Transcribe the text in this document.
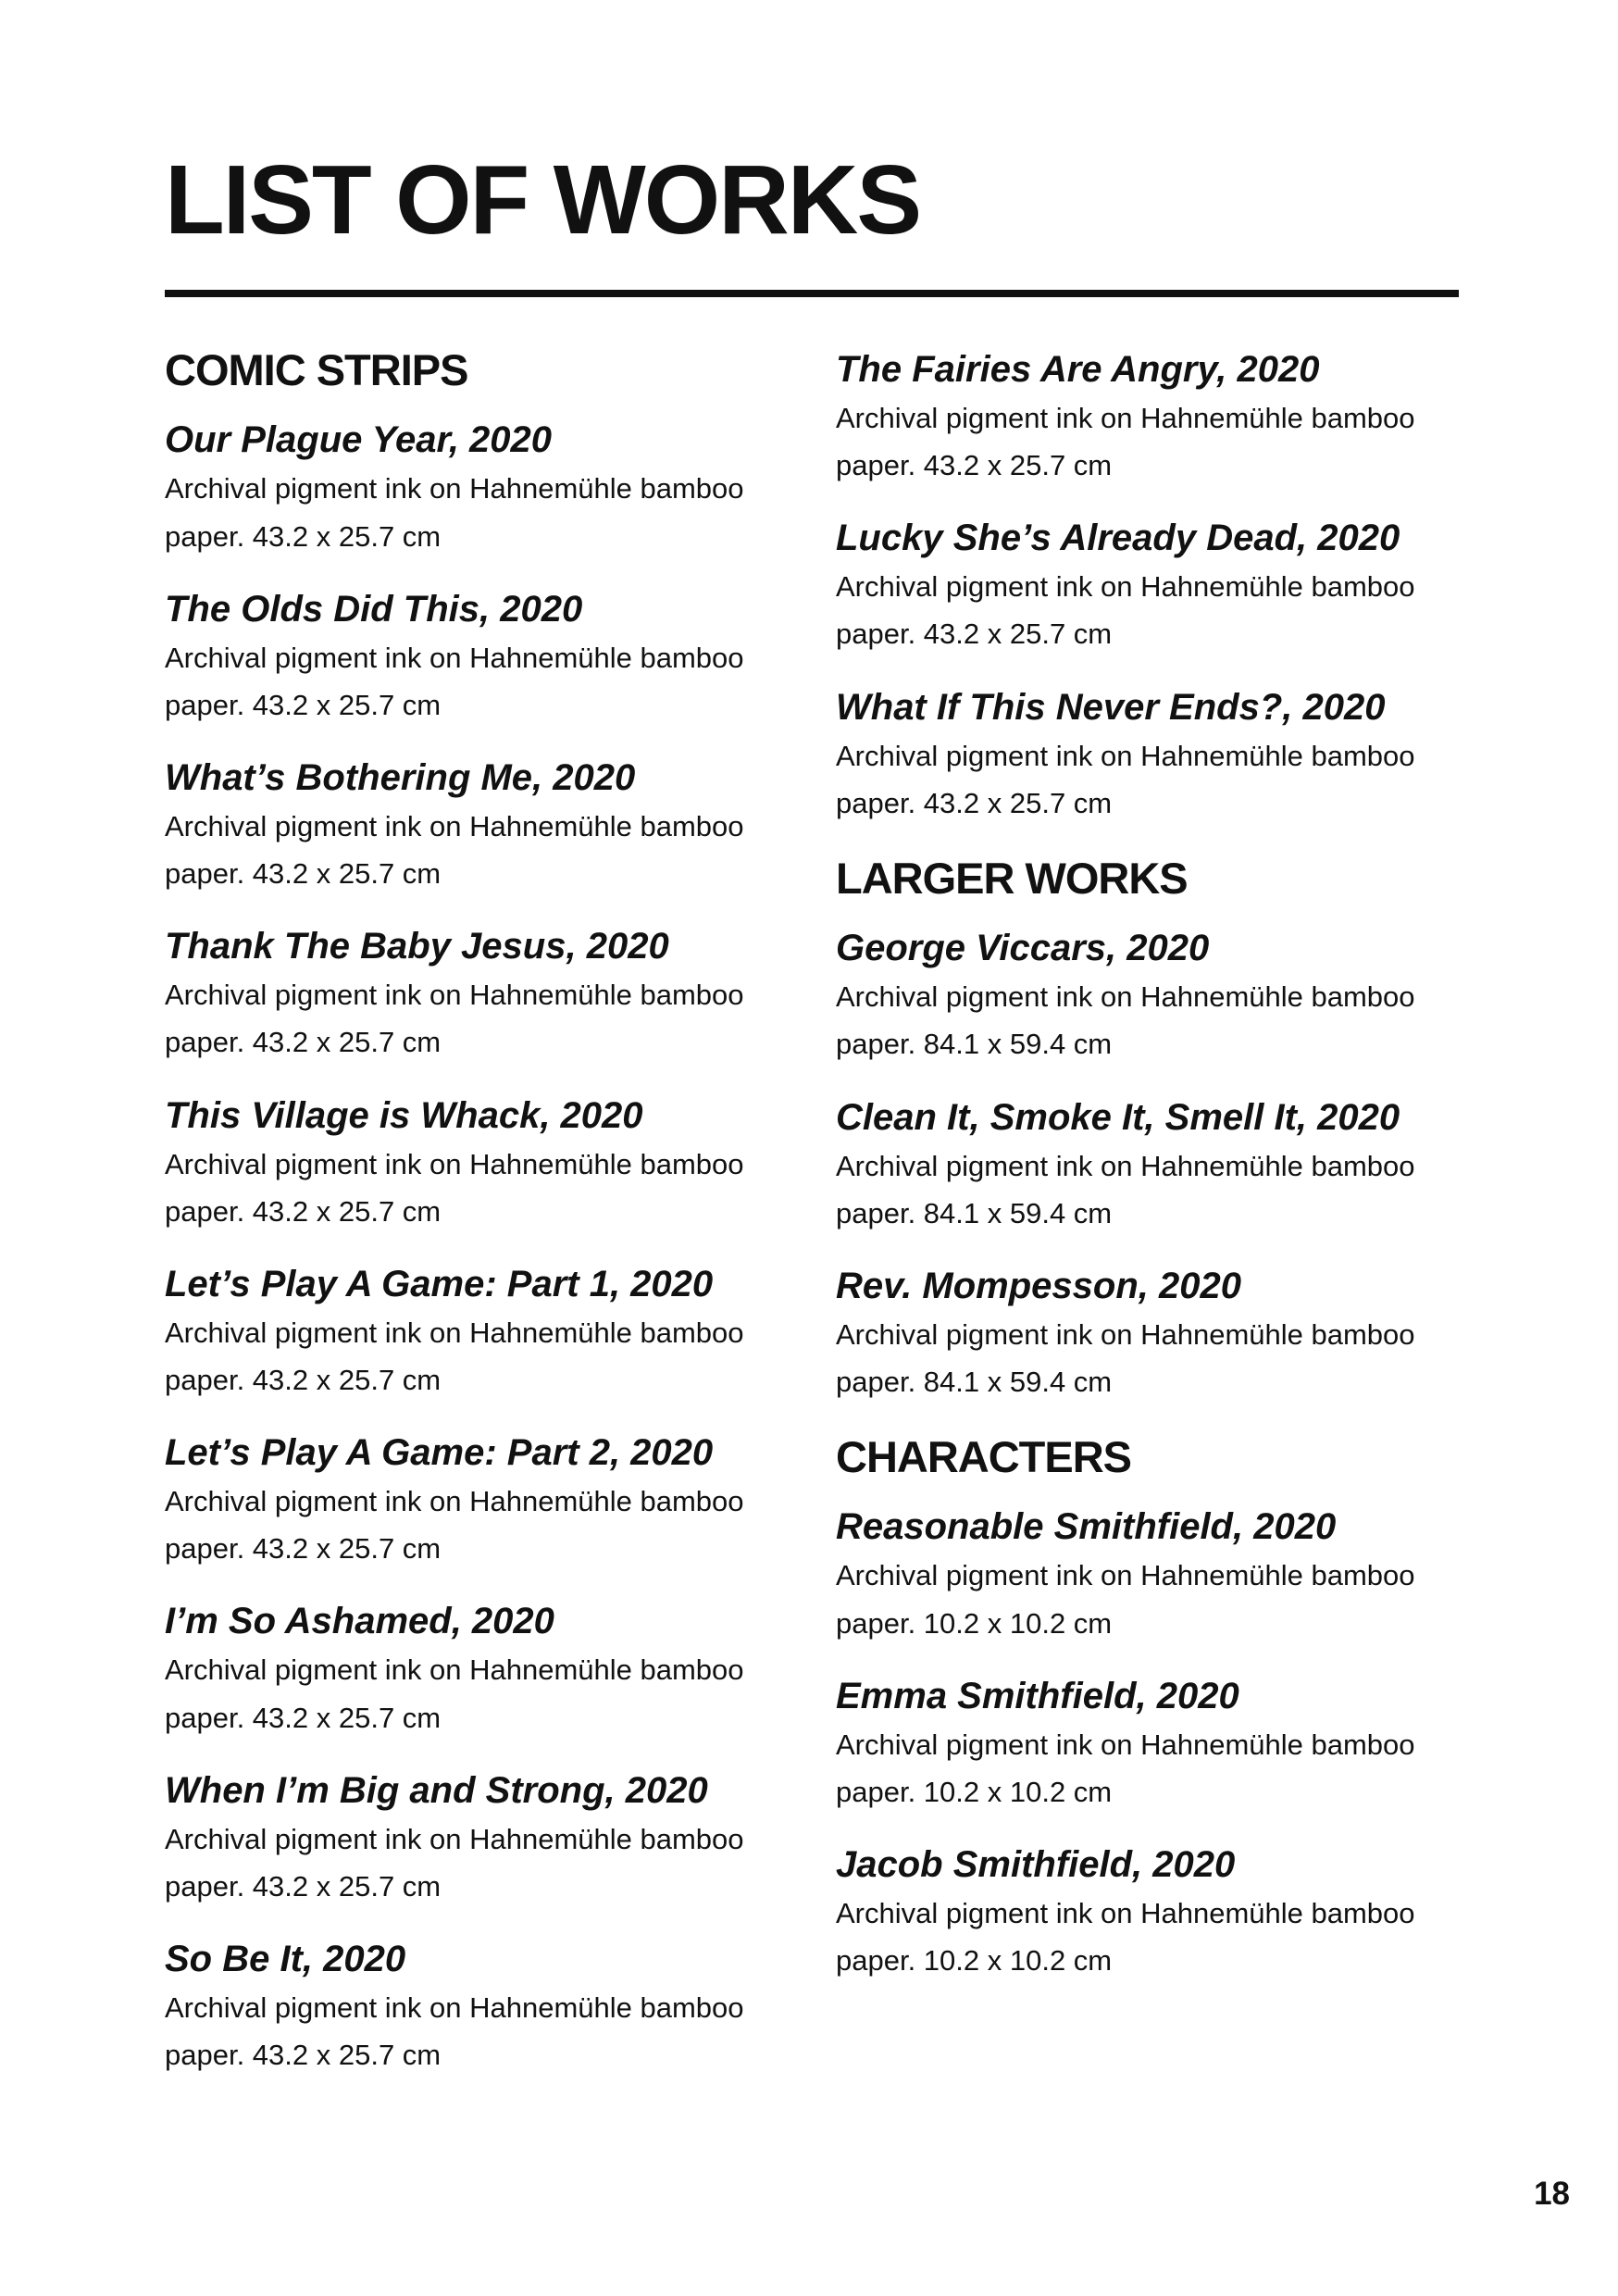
LIST OF WORKS
COMIC STRIPS
Our Plague Year, 2020
Archival pigment ink on Hahnemühle bamboo
paper. 43.2 x 25.7 cm
The Olds Did This, 2020
Archival pigment ink on Hahnemühle bamboo
paper. 43.2 x 25.7 cm
What’s Bothering Me, 2020
Archival pigment ink on Hahnemühle bamboo
paper. 43.2 x 25.7 cm
Thank The Baby Jesus, 2020
Archival pigment ink on Hahnemühle bamboo
paper. 43.2 x 25.7 cm
This Village is Whack, 2020
Archival pigment ink on Hahnemühle bamboo
paper. 43.2 x 25.7 cm
Let’s Play A Game: Part 1, 2020
Archival pigment ink on Hahnemühle bamboo
paper. 43.2 x 25.7 cm
Let’s Play A Game: Part 2, 2020
Archival pigment ink on Hahnemühle bamboo
paper. 43.2 x 25.7 cm
I’m So Ashamed, 2020
Archival pigment ink on Hahnemühle bamboo
paper. 43.2 x 25.7 cm
When I’m Big and Strong, 2020
Archival pigment ink on Hahnemühle bamboo
paper. 43.2 x 25.7 cm
So Be It, 2020
Archival pigment ink on Hahnemühle bamboo
paper. 43.2 x 25.7 cm
The Fairies Are Angry, 2020
Archival pigment ink on Hahnemühle bamboo
paper. 43.2 x 25.7 cm
Lucky She’s Already Dead, 2020
Archival pigment ink on Hahnemühle bamboo
paper. 43.2 x 25.7 cm
What If This Never Ends?, 2020
Archival pigment ink on Hahnemühle bamboo
paper. 43.2 x 25.7 cm
LARGER WORKS
George Viccars, 2020
Archival pigment ink on Hahnemühle bamboo
paper. 84.1 x 59.4 cm
Clean It, Smoke It, Smell It, 2020
Archival pigment ink on Hahnemühle bamboo
paper. 84.1 x 59.4 cm
Rev. Mompesson, 2020
Archival pigment ink on Hahnemühle bamboo
paper. 84.1 x 59.4 cm
CHARACTERS
Reasonable Smithfield, 2020
Archival pigment ink on Hahnemühle bamboo
paper. 10.2 x 10.2 cm
Emma Smithfield, 2020
Archival pigment ink on Hahnemühle bamboo
paper. 10.2 x 10.2 cm
Jacob Smithfield, 2020
Archival pigment ink on Hahnemühle bamboo
paper. 10.2 x 10.2 cm
18
